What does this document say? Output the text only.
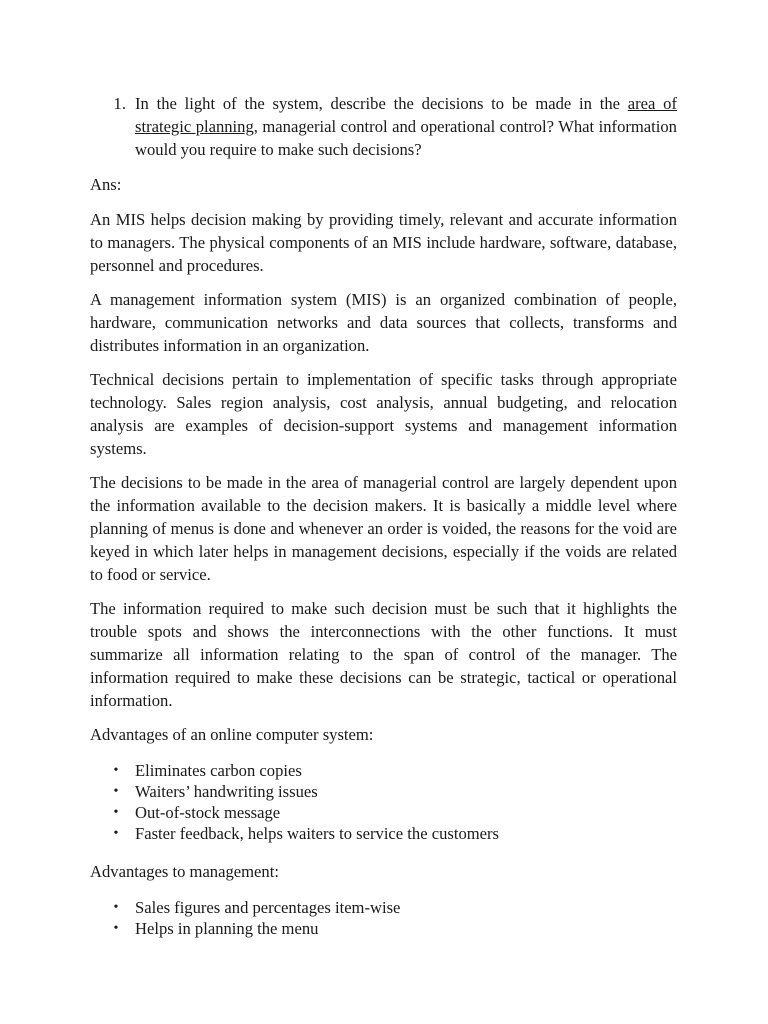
1. In the light of the system, describe the decisions to be made in the area of strategic planning, managerial control and operational control? What information would you require to make such decisions?
Ans:

An MIS helps decision making by providing timely, relevant and accurate information to managers. The physical components of an MIS include hardware, software, database, personnel and procedures.

A management information system (MIS) is an organized combination of people, hardware, communication networks and data sources that collects, transforms and distributes information in an organization.

Technical decisions pertain to implementation of specific tasks through appropriate technology. Sales region analysis, cost analysis, annual budgeting, and relocation analysis are examples of decision-support systems and management information systems.

The decisions to be made in the area of managerial control are largely dependent upon the information available to the decision makers. It is basically a middle level where planning of menus is done and whenever an order is voided, the reasons for the void are keyed in which later helps in management decisions, especially if the voids are related to food or service.

The information required to make such decision must be such that it highlights the trouble spots and shows the interconnections with the other functions. It must summarize all information relating to the span of control of the manager. The information required to make these decisions can be strategic, tactical or operational information.

Advantages of an online computer system:
• Eliminates carbon copies
• Waiters’ handwriting issues
• Out-of-stock message
• Faster feedback, helps waiters to service the customers
Advantages to management:
• Sales figures and percentages item-wise
• Helps in planning the menu
